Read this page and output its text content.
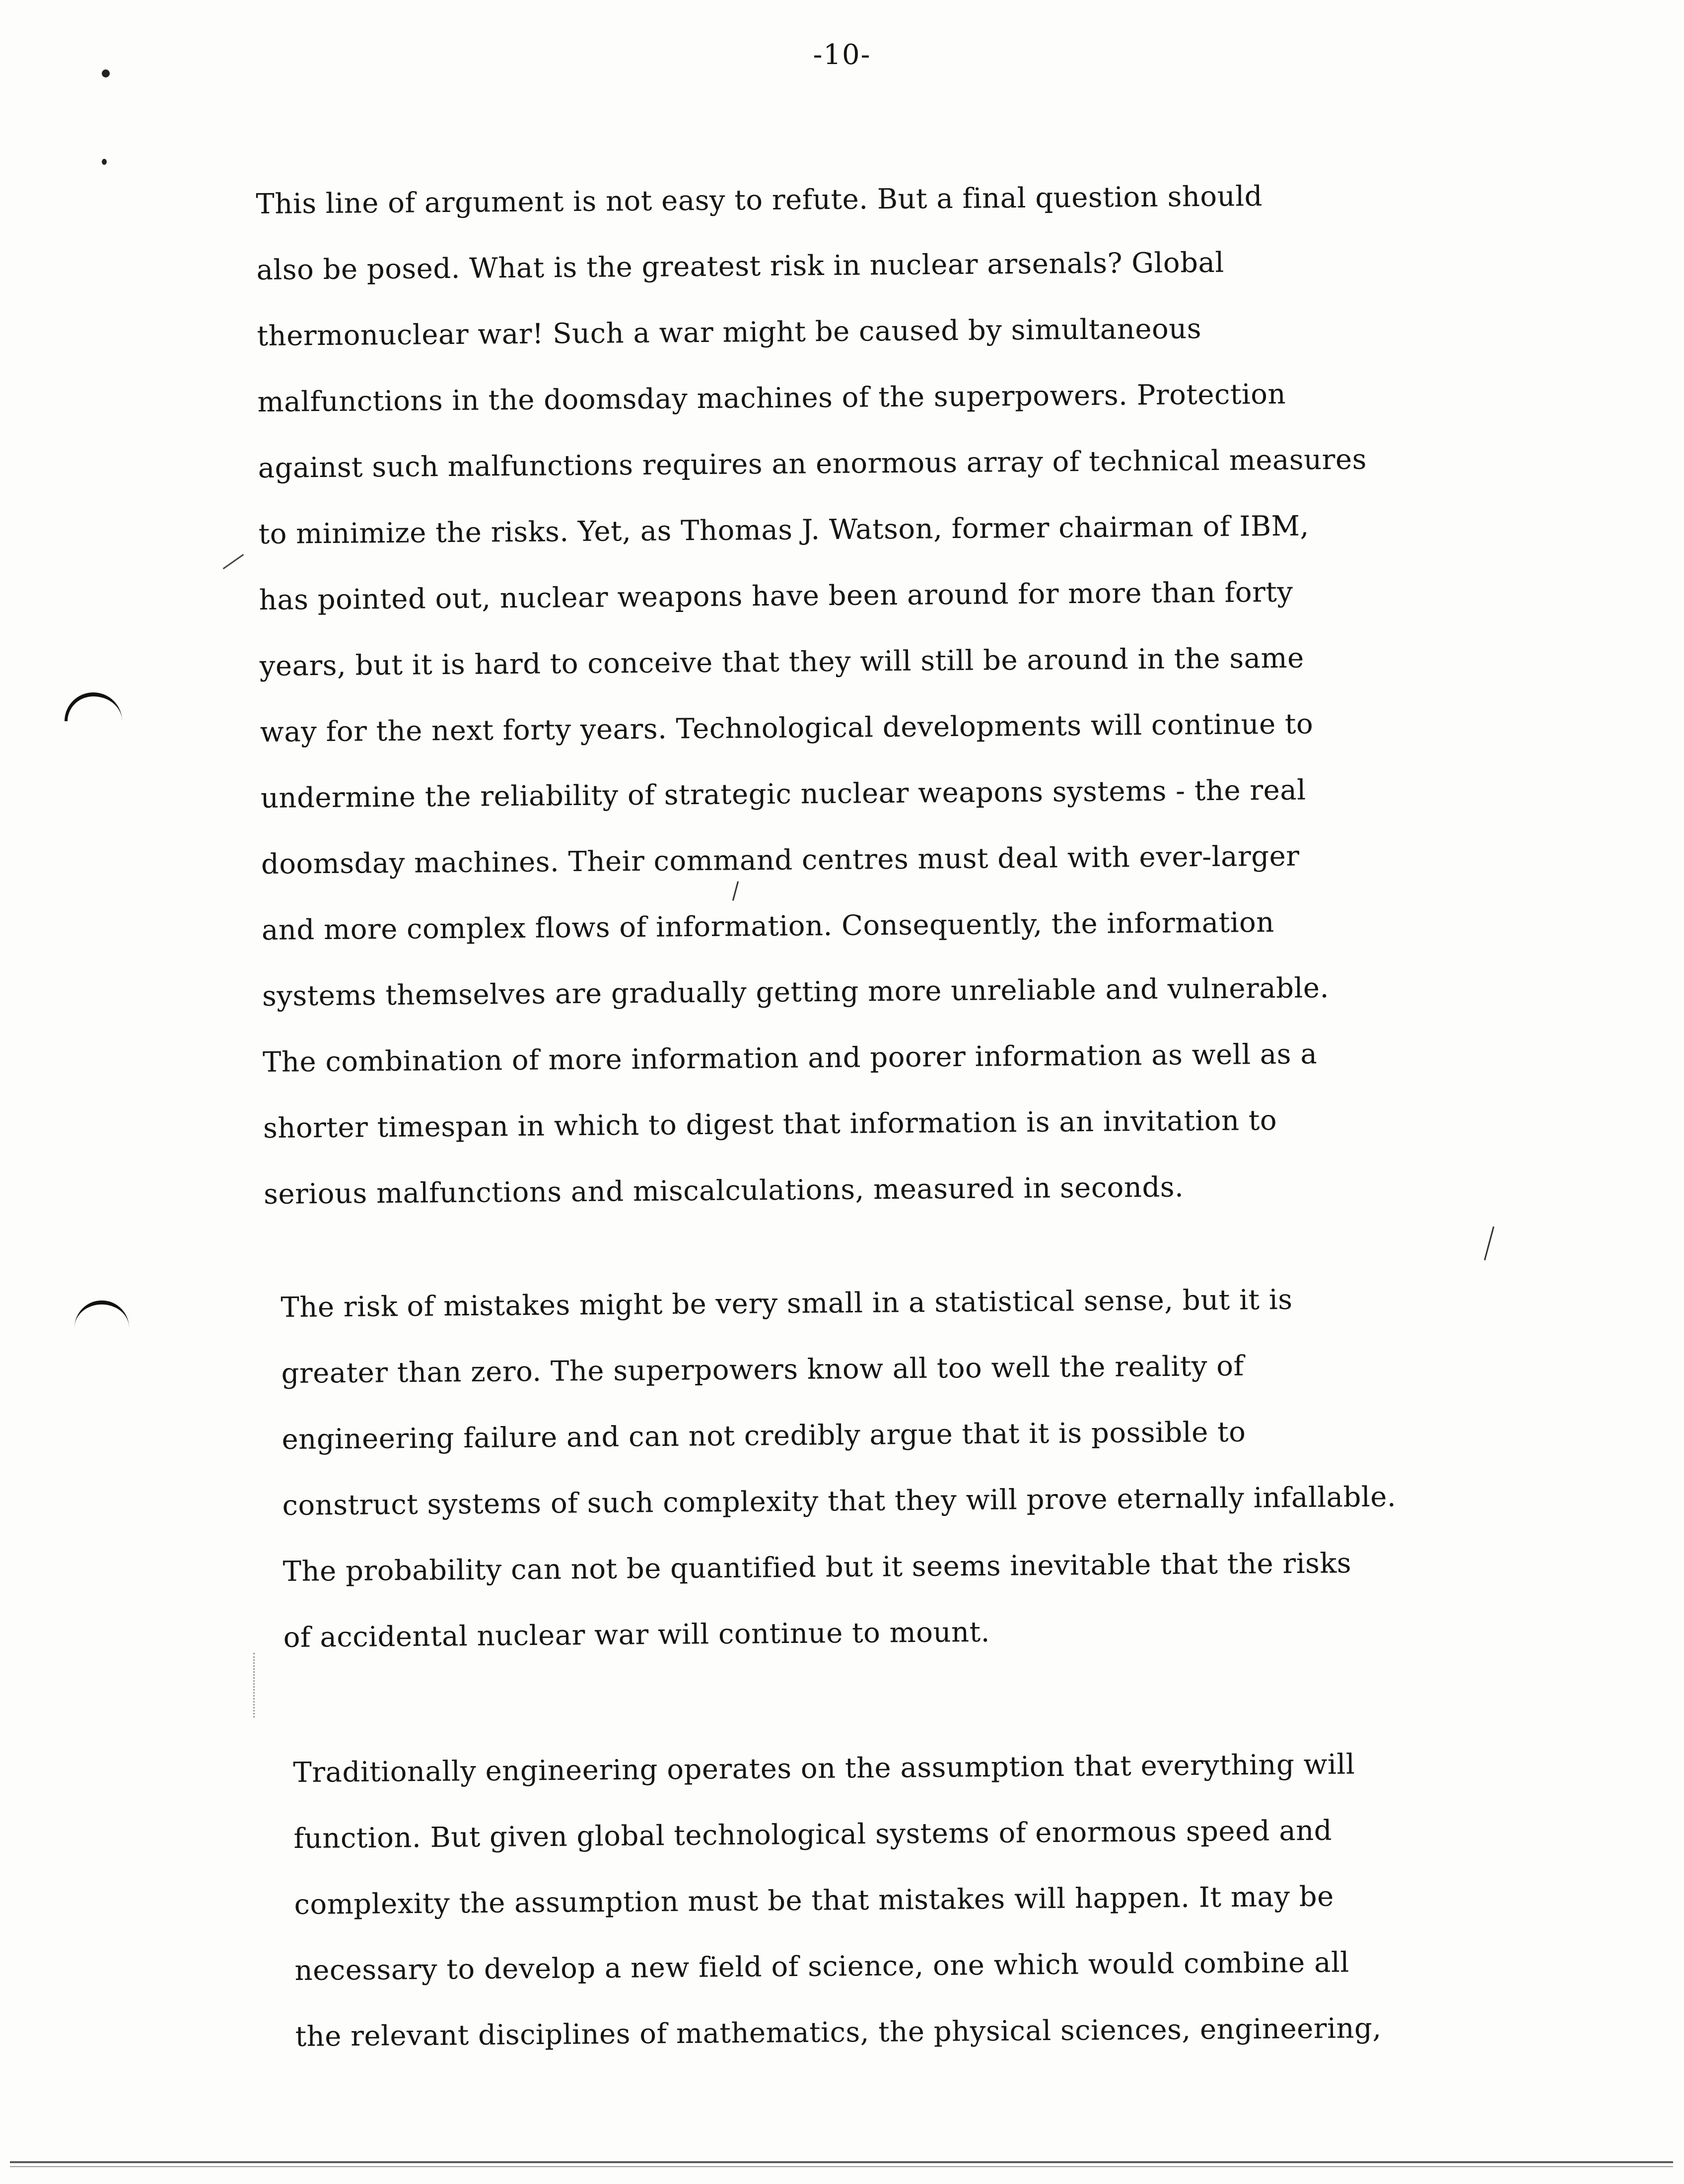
-10-
This line of argument is not easy to refute. But a final question should
also be posed. What is the greatest risk in nuclear arsenals? Global
thermonuclear war! Such a war might be caused by simultaneous
malfunctions in the doomsday machines of the superpowers. Protection
against such malfunctions requires an enormous array of technical measures
to minimize the risks. Yet, as Thomas J. Watson, former chairman of IBM,
has pointed out, nuclear weapons have been around for more than forty
years, but it is hard to conceive that they will still be around in the same
way for the next forty years. Technological developments will continue to
undermine the reliability of strategic nuclear weapons systems - the real
doomsday machines. Their command centres must deal with ever-larger
and more complex flows of information. Consequently, the information
systems themselves are gradually getting more unreliable and vulnerable.
The combination of more information and poorer information as well as a
shorter timespan in which to digest that information is an invitation to
serious malfunctions and miscalculations, measured in seconds.
The risk of mistakes might be very small in a statistical sense, but it is
greater than zero. The superpowers know all too well the reality of
engineering failure and can not credibly argue that it is possible to
construct systems of such complexity that they will prove eternally infallable.
The probability can not be quantified but it seems inevitable that the risks
of accidental nuclear war will continue to mount.
Traditionally engineering operates on the assumption that everything will
function. But given global technological systems of enormous speed and
complexity the assumption must be that mistakes will happen. It may be
necessary to develop a new field of science, one which would combine all
the relevant disciplines of mathematics, the physical sciences, engineering,
